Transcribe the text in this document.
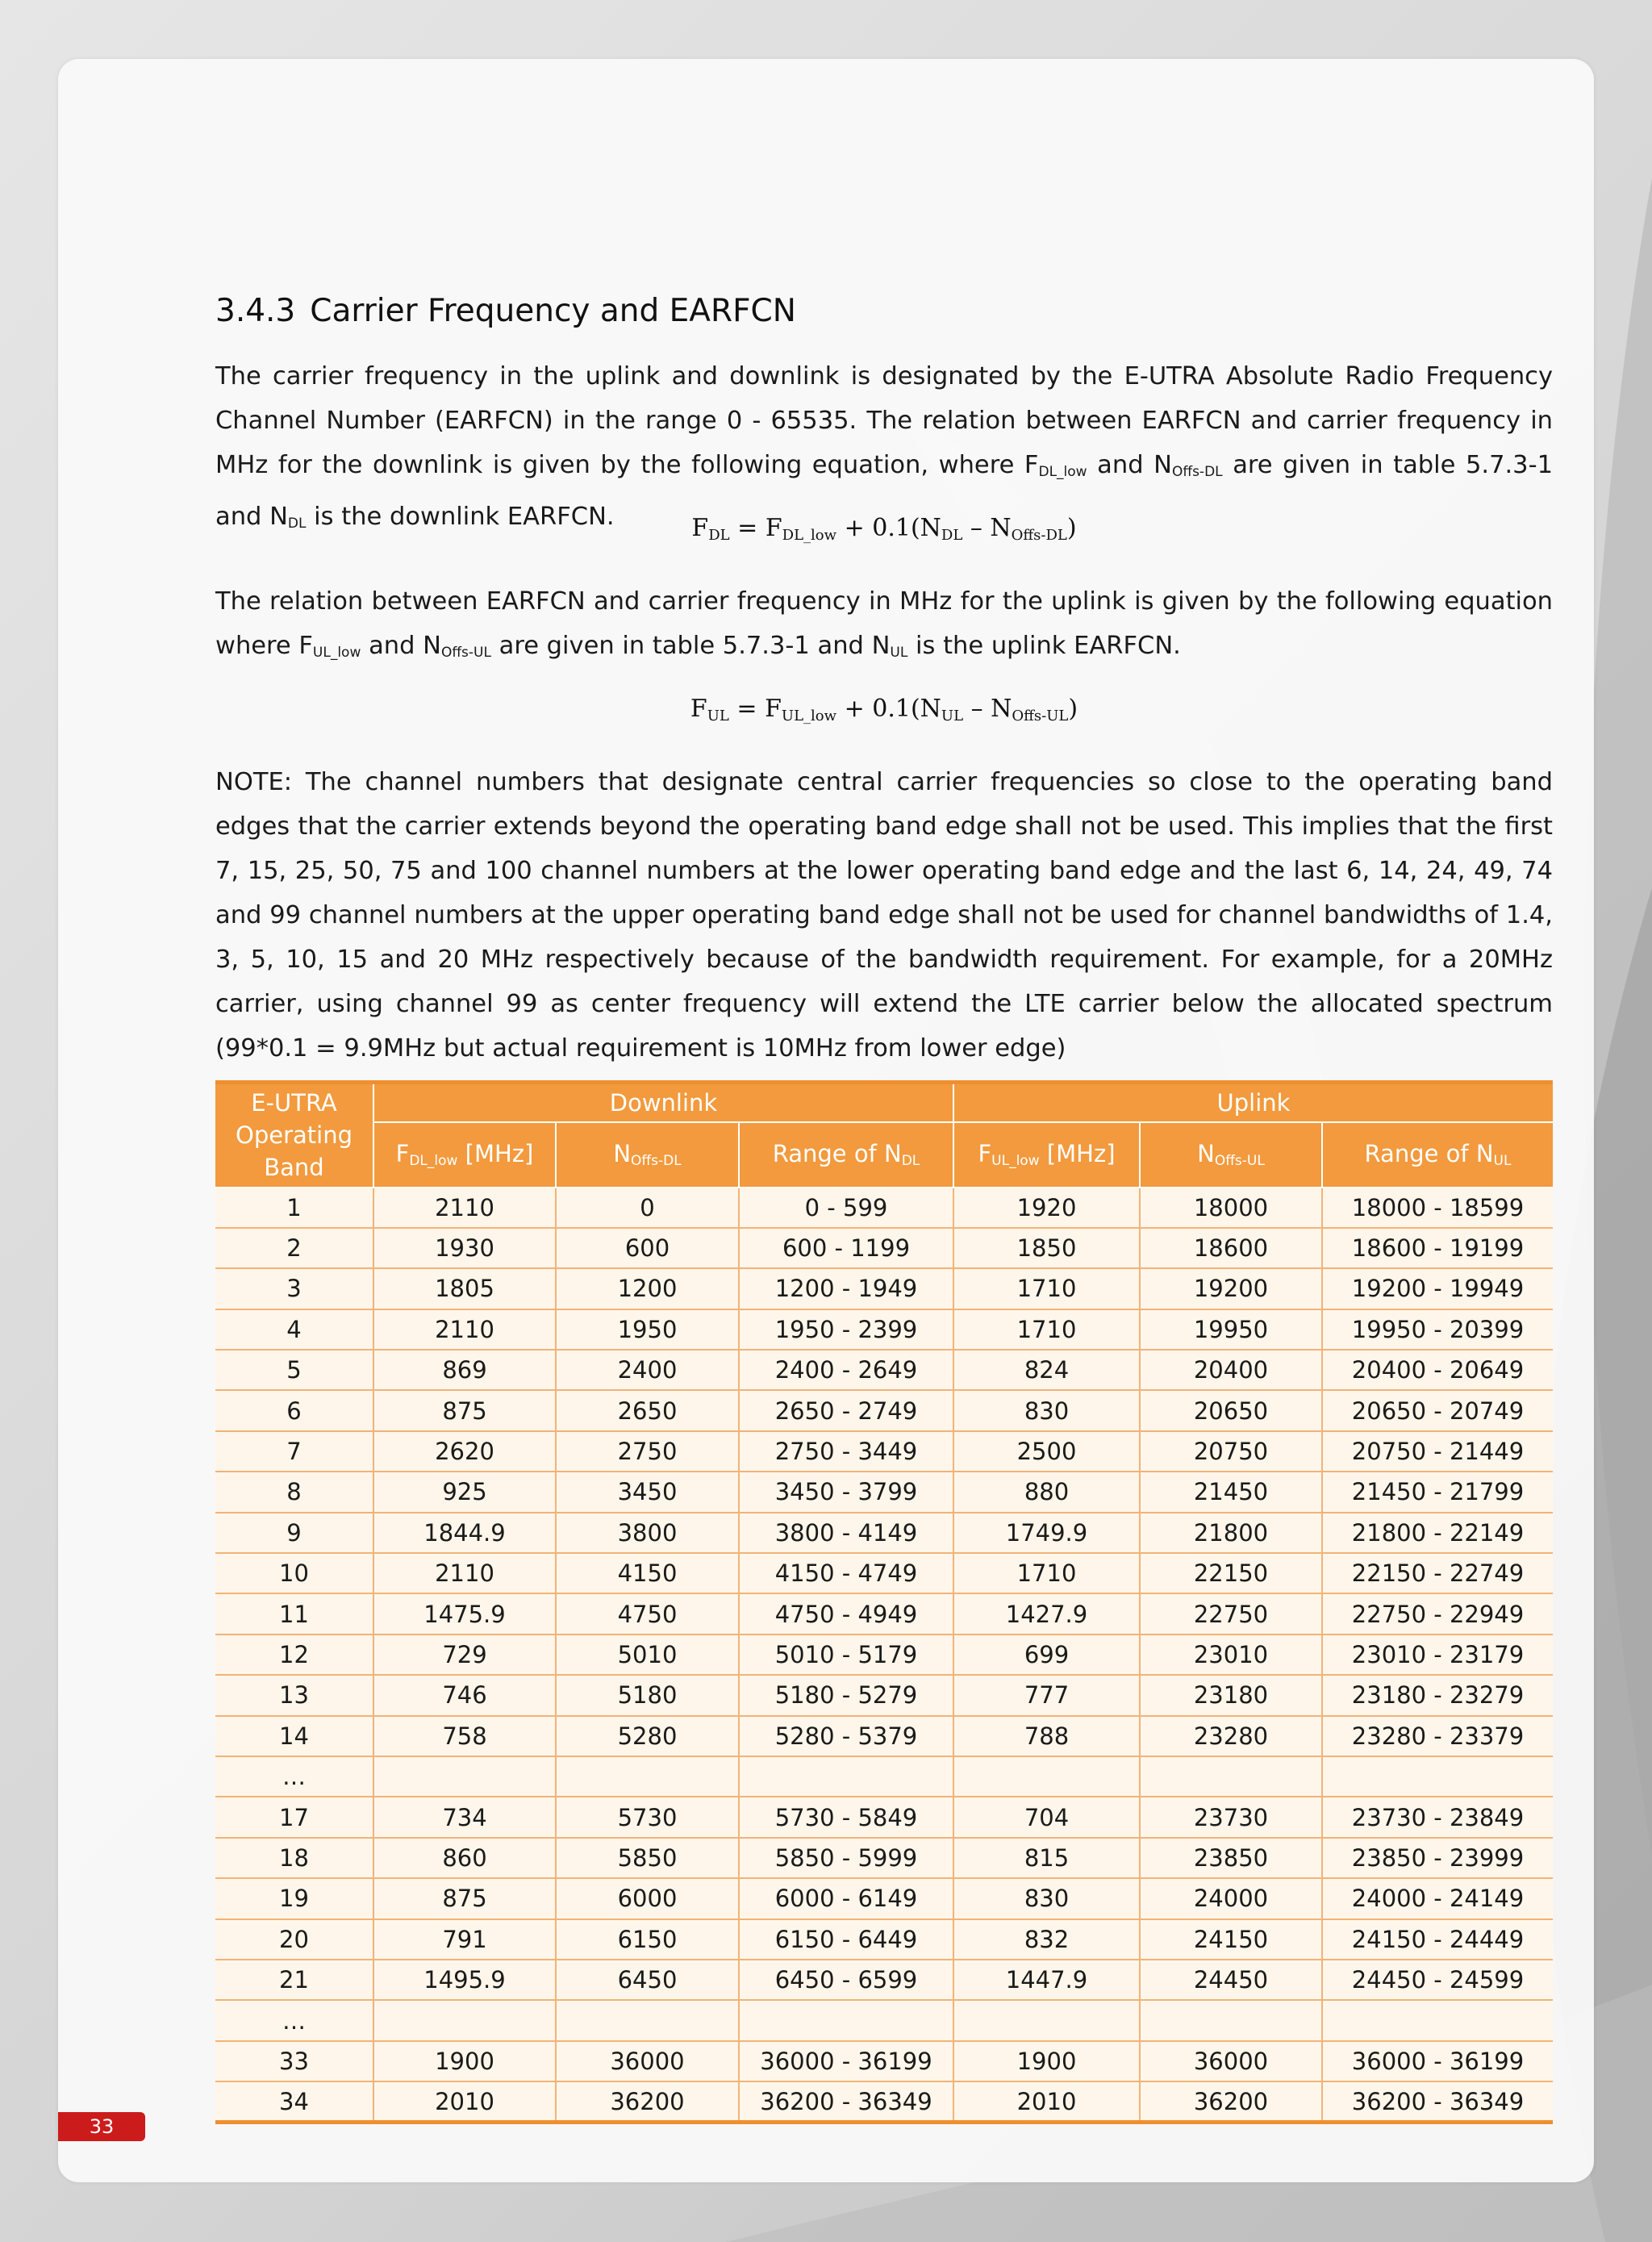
3.4.3 Carrier Frequency and EARFCN

The carrier frequency in the uplink and downlink is designated by the E-UTRA Absolute Radio Frequency Channel Number (EARFCN) in the range 0 - 65535. The relation between EARFCN and carrier frequency in MHz for the downlink is given by the following equation, where $F_{DL\_low}$ and $N_{Offs-DL}$ are given in table 5.7.3-1 and $N_{DL}$ is the downlink EARFCN.	FDL = FDL_low + 0.1(NDL – NOffs-DL)

The relation between EARFCN and carrier frequency in MHz for the uplink is given by the following equation where $F_{UL\_low}$ and $N_{Offs-UL}$ are given in table 5.7.3-1 and $N_{UL}$ is the uplink EARFCN.

FUL = FUL_low + 0.1(NUL – NOffs-UL)

NOTE: The channel numbers that designate central carrier frequencies so close to the operating band edges that the carrier extends beyond the operating band edge shall not be used. This implies that the first 7, 15, 25, 50, 75 and 100 channel numbers at the lower operating band edge and the last 6, 14, 24, 49, 74 and 99 channel numbers at the upper operating band edge shall not be used for channel bandwidths of 1.4, 3, 5, 10, 15 and 20 MHz respectively because of the bandwidth requirement. For example, for a 20MHz carrier, using channel 99 as center frequency will extend the LTE carrier below the allocated spectrum (99*0.1 = 9.9MHz but actual requirement is 10MHz from lower edge)

E-UTRA Operating Band	Downlink			Uplink		
	FDL_low [MHz]	NOffs-DL	Range of NDL	FUL_low [MHz]	NOffs-UL	Range of NUL
1	2110	0	0 - 599	1920	18000	18000 - 18599
2	1930	600	600 - 1199	1850	18600	18600 - 19199
3	1805	1200	1200 - 1949	1710	19200	19200 - 19949
4	2110	1950	1950 - 2399	1710	19950	19950 - 20399
5	869	2400	2400 - 2649	824	20400	20400 - 20649
6	875	2650	2650 - 2749	830	20650	20650 - 20749
7	2620	2750	2750 - 3449	2500	20750	20750 - 21449
8	925	3450	3450 - 3799	880	21450	21450 - 21799
9	1844.9	3800	3800 - 4149	1749.9	21800	21800 - 22149
10	2110	4150	4150 - 4749	1710	22150	22150 - 22749
11	1475.9	4750	4750 - 4949	1427.9	22750	22750 - 22949
12	729	5010	5010 - 5179	699	23010	23010 - 23179
13	746	5180	5180 - 5279	777	23180	23180 - 23279
14	758	5280	5280 - 5379	788	23280	23280 - 23379
…						
17	734	5730	5730 - 5849	704	23730	23730 - 23849
18	860	5850	5850 - 5999	815	23850	23850 - 23999
19	875	6000	6000 - 6149	830	24000	24000 - 24149
20	791	6150	6150 - 6449	832	24150	24150 - 24449
21	1495.9	6450	6450 - 6599	1447.9	24450	24450 - 24599
…						
33	1900	36000	36000 - 36199	1900	36000	36000 - 36199
34	2010	36200	36200 - 36349	2010	36200	36200 - 36349
33
